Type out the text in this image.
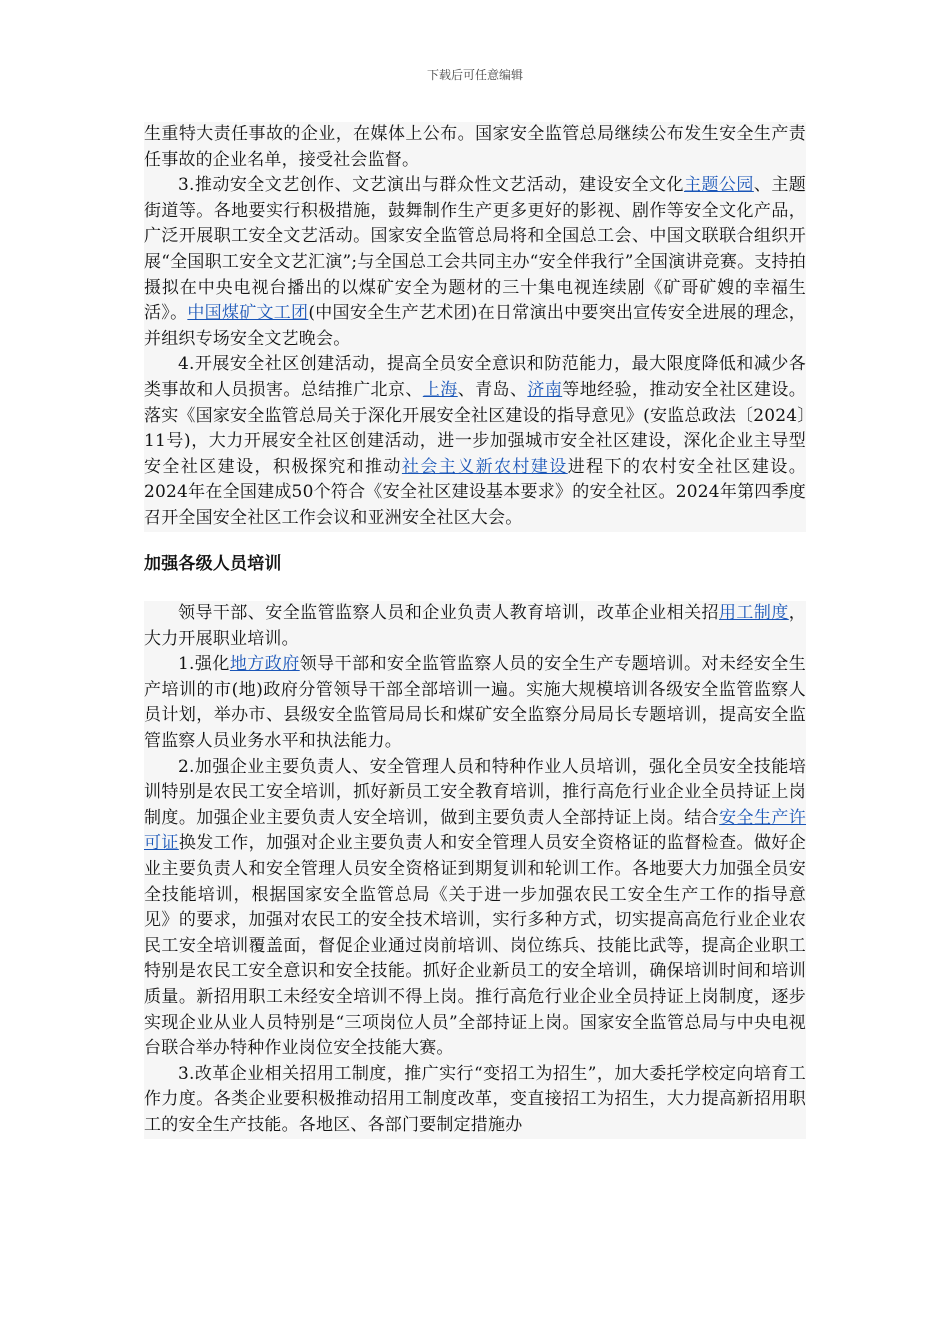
下载后可任意编辑

生重特大责任事故的企业，在媒体上公布。国家安全监管总局继续公布发生安全生产责任事故的企业名单，接受社会监督。

3.推动安全文艺创作、文艺演出与群众性文艺活动，建设安全文化主题公园、主题街道等。各地要实行积极措施，鼓舞制作生产更多更好的影视、剧作等安全文化产品，广泛开展职工安全文艺活动。国家安全监管总局将和全国总工会、中国文联联合组织开展“全国职工安全文艺汇演”;与全国总工会共同主办“安全伴我行”全国演讲竞赛。支持拍摄拟在中央电视台播出的以煤矿安全为题材的三十集电视连续剧《矿哥矿嫂的幸福生活》。中国煤矿文工团(中国安全生产艺术团)在日常演出中要突出宣传安全进展的理念，并组织专场安全文艺晚会。

4.开展安全社区创建活动，提高全员安全意识和防范能力，最大限度降低和减少各类事故和人员损害。总结推广北京、上海、青岛、济南等地经验，推动安全社区建设。落实《国家安全监管总局关于深化开展安全社区建设的指导意见》(安监总政法〔2024〕11号)，大力开展安全社区创建活动，进一步加强城市安全社区建设，深化企业主导型安全社区建设，积极探究和推动社会主义新农村建设进程下的农村安全社区建设。2024年在全国建成50个符合《安全社区建设基本要求》的安全社区。2024年第四季度召开全国安全社区工作会议和亚洲安全社区大会。

加强各级人员培训

领导干部、安全监管监察人员和企业负责人教育培训，改革企业相关招用工制度，大力开展职业培训。

1.强化地方政府领导干部和安全监管监察人员的安全生产专题培训。对未经安全生产培训的市(地)政府分管领导干部全部培训一遍。实施大规模培训各级安全监管监察人员计划，举办市、县级安全监管局局长和煤矿安全监察分局局长专题培训，提高安全监管监察人员业务水平和执法能力。

2.加强企业主要负责人、安全管理人员和特种作业人员培训，强化全员安全技能培训特别是农民工安全培训，抓好新员工安全教育培训，推行高危行业企业全员持证上岗制度。加强企业主要负责人安全培训，做到主要负责人全部持证上岗。结合安全生产许可证换发工作，加强对企业主要负责人和安全管理人员安全资格证的监督检查。做好企业主要负责人和安全管理人员安全资格证到期复训和轮训工作。各地要大力加强全员安全技能培训，根据国家安全监管总局《关于进一步加强农民工安全生产工作的指导意见》的要求，加强对农民工的安全技术培训，实行多种方式，切实提高高危行业企业农民工安全培训覆盖面，督促企业通过岗前培训、岗位练兵、技能比武等，提高企业职工特别是农民工安全意识和安全技能。抓好企业新员工的安全培训，确保培训时间和培训质量。新招用职工未经安全培训不得上岗。推行高危行业企业全员持证上岗制度，逐步实现企业从业人员特别是“三项岗位人员”全部持证上岗。国家安全监管总局与中央电视台联合举办特种作业岗位安全技能大赛。

3.改革企业相关招用工制度，推广实行“变招工为招生”，加大委托学校定向培育工作力度。各类企业要积极推动招用工制度改革，变直接招工为招生，大力提高新招用职工的安全生产技能。各地区、各部门要制定措施办
